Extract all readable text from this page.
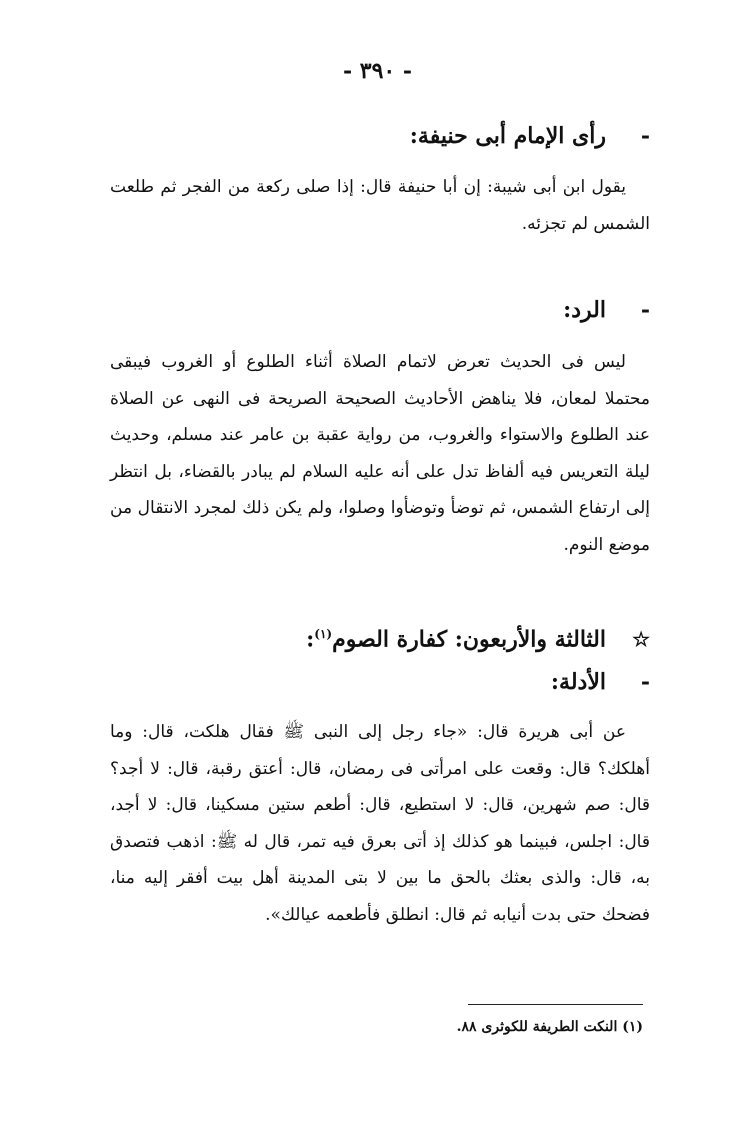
- ٣٩٠ -
-رأى الإمام أبى حنيفة:

يقول ابن أبى شيبة: إن أبا حنيفة قال: إذا صلى ركعة من الفجر ثم طلعت الشمس لم تجزئه.

-الرد:

ليس فى الحديث تعرض لاتمام الصلاة أثناء الطلوع أو الغروب فيبقى محتملا لمعان، فلا يناهض الأحاديث الصحيحة الصريحة فى النهى عن الصلاة عند الطلوع والاستواء والغروب، من رواية عقبة بن عامر عند مسلم، وحديث ليلة التعريس فيه ألفاظ تدل على أنه عليه السلام لم يبادر بالقضاء، بل انتظر إلى ارتفاع الشمس، ثم توضأ وتوضأوا وصلوا، ولم يكن ذلك لمجرد الانتقال من موضع النوم.

☆الثالثة والأربعون: كفارة الصوم$^{(١)}$:
-الأدلة:

عن أبى هريرة قال: «جاء رجل إلى النبى ﷺ فقال هلكت، قال: وما أهلكك؟ قال: وقعت على امرأتى فى رمضان، قال: أعتق رقبة، قال: لا أجد؟ قال: صم شهرين، قال: لا استطيع، قال: أطعم ستين مسكينا، قال: لا أجد، قال: اجلس، فبينما هو كذلك إذ أتى بعرق فيه تمر، قال له ﷺ: اذهب فتصدق به، قال: والذى بعثك بالحق ما بين لا بتى المدينة أهل بيت أفقر إليه منا، فضحك حتى بدت أنيابه ثم قال: انطلق فأطعمه عيالك».

(١) النكت الطريفة للكوثرى ٨٨.
